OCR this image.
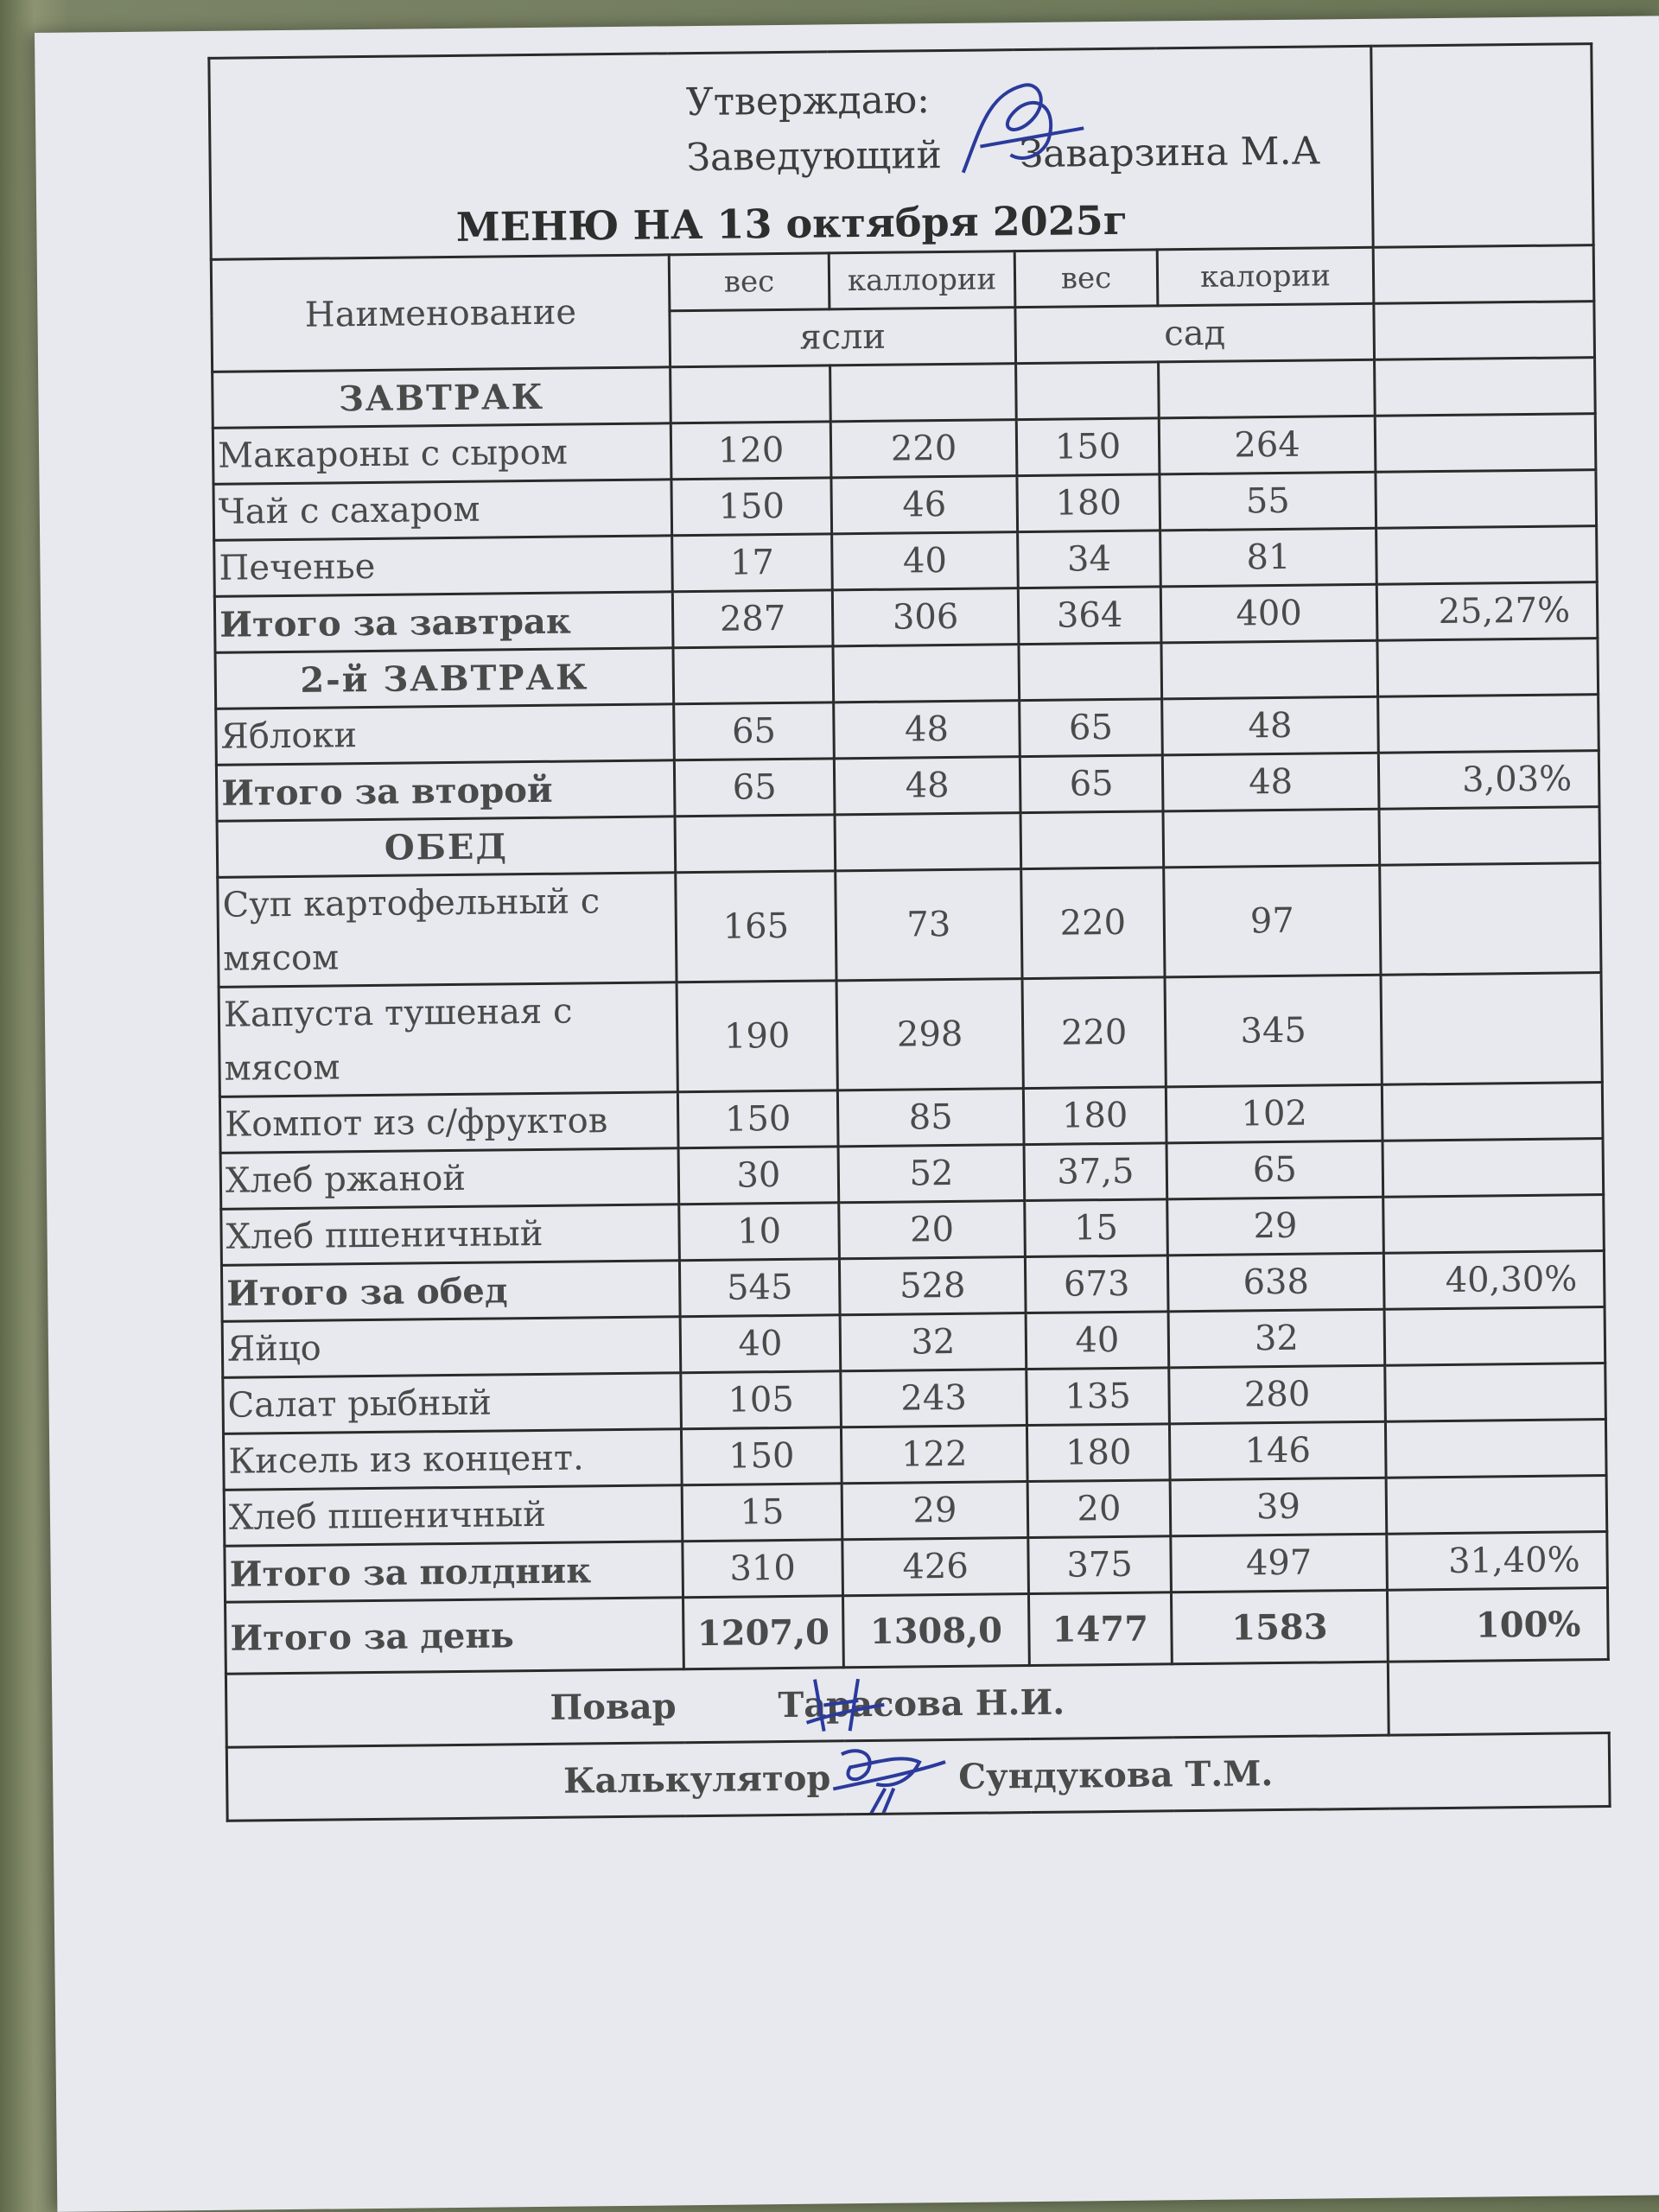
Утверждаю:
Заведующий Заварзина М.А
МЕНЮ НА 13 октября 2025г					

Наименование	вес	каллории	вес	калории	
	ясли		сад		
ЗАВТРАК					
Макароны с сыром	120	220	150	264	
Чай с сахаром	150	46	180	55	
Печенье	17	40	34	81	
Итого за завтрак	287	306	364	400	25,27%
2-й ЗАВТРАК					
Яблоки	65	48	65	48	
Итого за второй	65	48	65	48	3,03%
ОБЕД					
Суп картофельный с мясом	165	73	220	97	
Капуста тушеная с мясом	190	298	220	345	
Компот из с/фруктов	150	85	180	102	
Хлеб ржаной	30	52	37,5	65	
Хлеб пшеничный	10	20	15	29	
Итого за обед	545	528	673	638	40,30%
Яйцо	40	32	40	32	
Салат рыбный	105	243	135	280	
Кисель из концент.	150	122	180	146	
Хлеб пшеничный	15	29	20	39	
Итого за полдник	310	426	375	497	31,40%
Итого за день	1207,0	1308,0	1477	1583	100%
Повар Тарасова Н.И.				

Калькулятор Сундукова Т.М.					
